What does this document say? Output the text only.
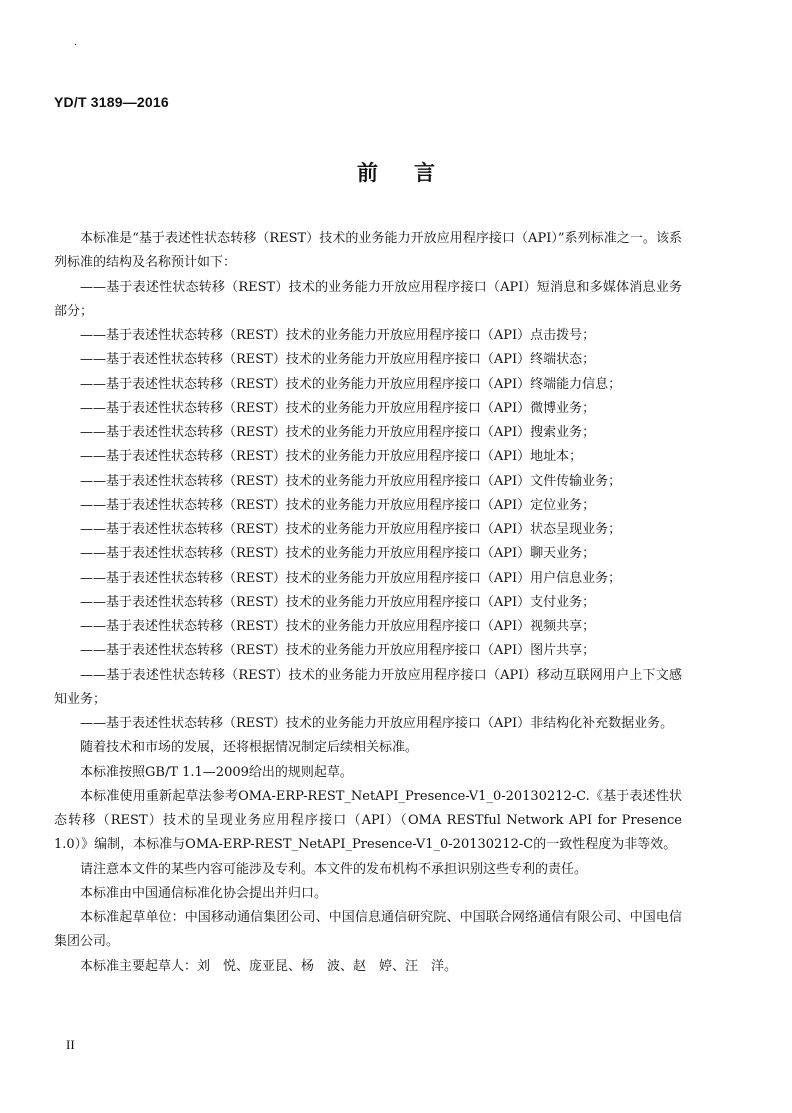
·
YD/T 3189—2016
前言

本标准是“基于表述性状态转移（REST）技术的业务能力开放应用程序接口（API）”系列标准之一。该系列标准的结构及名称预计如下：

——基于表述性状态转移（REST）技术的业务能力开放应用程序接口（API）短消息和多媒体消息业务部分；

——基于表述性状态转移（REST）技术的业务能力开放应用程序接口（API）点击拨号；

——基于表述性状态转移（REST）技术的业务能力开放应用程序接口（API）终端状态；

——基于表述性状态转移（REST）技术的业务能力开放应用程序接口（API）终端能力信息；

——基于表述性状态转移（REST）技术的业务能力开放应用程序接口（API）微博业务；

——基于表述性状态转移（REST）技术的业务能力开放应用程序接口（API）搜索业务；

——基于表述性状态转移（REST）技术的业务能力开放应用程序接口（API）地址本；

——基于表述性状态转移（REST）技术的业务能力开放应用程序接口（API）文件传输业务；

——基于表述性状态转移（REST）技术的业务能力开放应用程序接口（API）定位业务；

——基于表述性状态转移（REST）技术的业务能力开放应用程序接口（API）状态呈现业务；

——基于表述性状态转移（REST）技术的业务能力开放应用程序接口（API）聊天业务；

——基于表述性状态转移（REST）技术的业务能力开放应用程序接口（API）用户信息业务；

——基于表述性状态转移（REST）技术的业务能力开放应用程序接口（API）支付业务；

——基于表述性状态转移（REST）技术的业务能力开放应用程序接口（API）视频共享；

——基于表述性状态转移（REST）技术的业务能力开放应用程序接口（API）图片共享；

——基于表述性状态转移（REST）技术的业务能力开放应用程序接口（API）移动互联网用户上下文感知业务；

——基于表述性状态转移（REST）技术的业务能力开放应用程序接口（API）非结构化补充数据业务。

随着技术和市场的发展，还将根据情况制定后续相关标准。

本标准按照GB/T 1.1—2009给出的规则起草。

本标准使用重新起草法参考OMA-ERP-REST_NetAPI_Presence-V1_0-20130212-C.《基于表述性状态转移（REST）技术的呈现业务应用程序接口（API）（OMA RESTful Network API for Presence 1.0）》编制，本标准与OMA-ERP-REST_NetAPI_Presence-V1_0-20130212-C的一致性程度为非等效。

请注意本文件的某些内容可能涉及专利。本文件的发布机构不承担识别这些专利的责任。

本标准由中国通信标准化协会提出并归口。

本标准起草单位：中国移动通信集团公司、中国信息通信研究院、中国联合网络通信有限公司、中国电信集团公司。

本标准主要起草人：刘　悦、庞亚昆、杨　波、赵　婷、汪　洋。

II
